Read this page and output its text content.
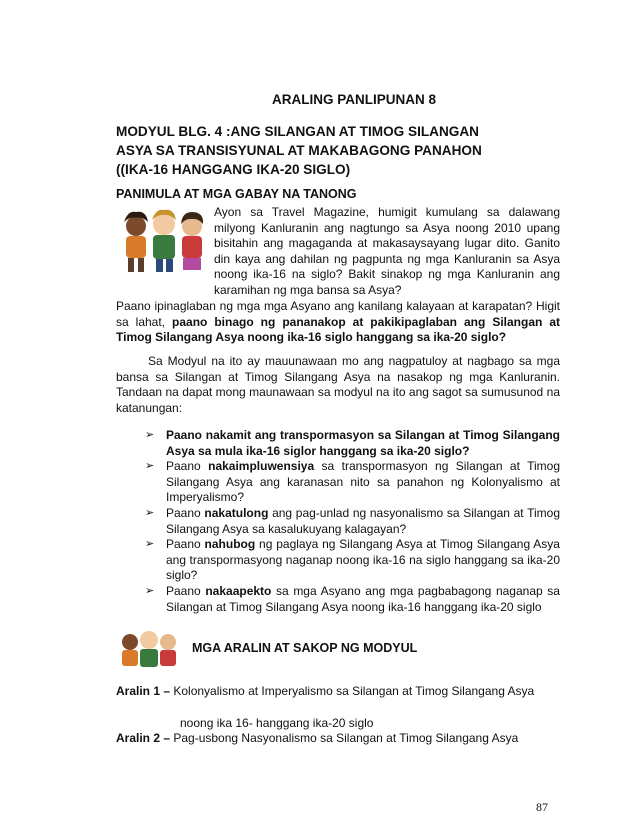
ARALING PANLIPUNAN 8
MODYUL BLG. 4 :ANG SILANGAN AT TIMOG SILANGAN
ASYA SA TRANSISYUNAL AT MAKABAGONG PANAHON
((IKA-16 HANGGANG IKA-20 SIGLO)
PANIMULA AT MGA GABAY NA TANONG
Ayon sa Travel Magazine, humigit kumulang sa dalawang milyong Kanluranin ang nagtungo sa Asya noong 2010 upang bisitahin ang magaganda at makasaysayang lugar dito. Ganito din kaya ang dahilan ng pagpunta ng mga Kanluranin sa Asya noong ika-16 na siglo? Bakit sinakop ng mga Kanluranin ang karamihan ng mga bansa sa Asya?
Paano ipinaglaban ng mga mga Asyano ang kanilang kalayaan at karapatan? Higit sa lahat, paano binago ng pananakop at pakikipaglaban ang Silangan at Timog Silangang Asya noong ika-16 siglo hanggang sa ika-20 siglo?
Sa Modyul na ito ay mauunawaan mo ang nagpatuloy at nagbago sa mga bansa sa Silangan at Timog Silangang Asya na nasakop ng mga Kanluranin. Tandaan na dapat mong maunawaan sa modyul na ito ang sagot sa sumusunod na katanungan:
➢ Paano nakamit ang transpormasyon sa Silangan at Timog Silangang Asya sa mula ika-16 siglor hanggang sa ika-20 siglo?
➢ Paano nakaimpluwensiya sa transpormasyon ng Silangan at Timog Silangang Asya ang karanasan nito sa panahon ng Kolonyalismo at Imperyalismo?
➢ Paano nakatulong ang pag-unlad ng nasyonalismo sa Silangan at Timog Silangang Asya sa kasalukuyang kalagayan?
➢ Paano nahubog ng paglaya ng Silangang Asya at Timog Silangang Asya ang transpormasyong naganap noong ika-16 na siglo hanggang sa ika-20 siglo?
➢ Paano nakaapekto sa mga Asyano ang mga pagbabagong naganap sa Silangan at Timog Silangang Asya noong ika-16 hanggang ika-20 siglo
MGA ARALIN AT SAKOP NG MODYUL
Aralin 1 – Kolonyalismo at Imperyalismo sa Silangan at Timog Silangang Asya
noong ika 16- hanggang ika-20 siglo
Aralin 2 – Pag-usbong Nasyonalismo sa Silangan at Timog Silangang Asya
87
